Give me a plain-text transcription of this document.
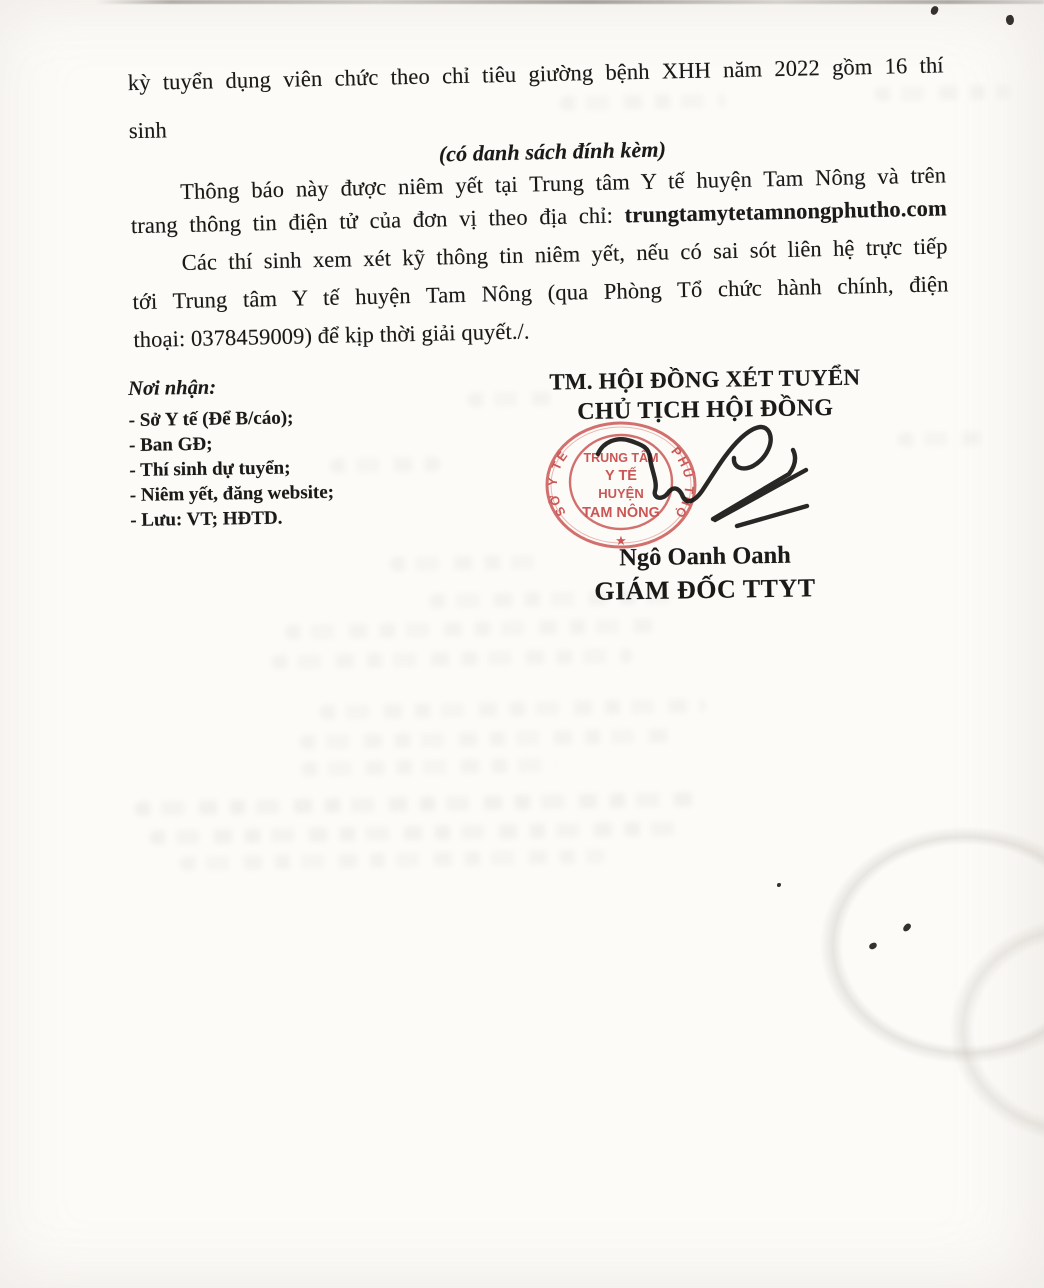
kỳ tuyển dụng viên chức theo chỉ tiêu giường bệnh XHH năm 2022 gồm 16 thí

sinh

(có danh sách đính kèm)

Thông báo này được niêm yết tại Trung tâm Y tế huyện Tam Nông và trên

trang thông tin điện tử của đơn vị theo địa chỉ: trungtamytetamnongphutho.com

Các thí sinh xem xét kỹ thông tin niêm yết, nếu có sai sót liên hệ trực tiếp

tới Trung tâm Y tế huyện Tam Nông (qua Phòng Tổ chức hành chính, điện

thoại: 0378459009) để kịp thời giải quyết./.

Nơi nhận:
- Sở Y tế (Để B/cáo);
- Ban GĐ;
- Thí sinh dự tuyển;
- Niêm yết, đăng website;
- Lưu: VT; HĐTD.
TM. HỘI ĐỒNG XÉT TUYỂN
CHỦ TỊCH HỘI ĐỒNG
SỞ Y TẾ	PHÚ THỌ
TRUNG TÂM
Y TẾ
HUYỆN
TAM NÔNG
★
Ngô Oanh Oanh
GIÁM ĐỐC TTYT
